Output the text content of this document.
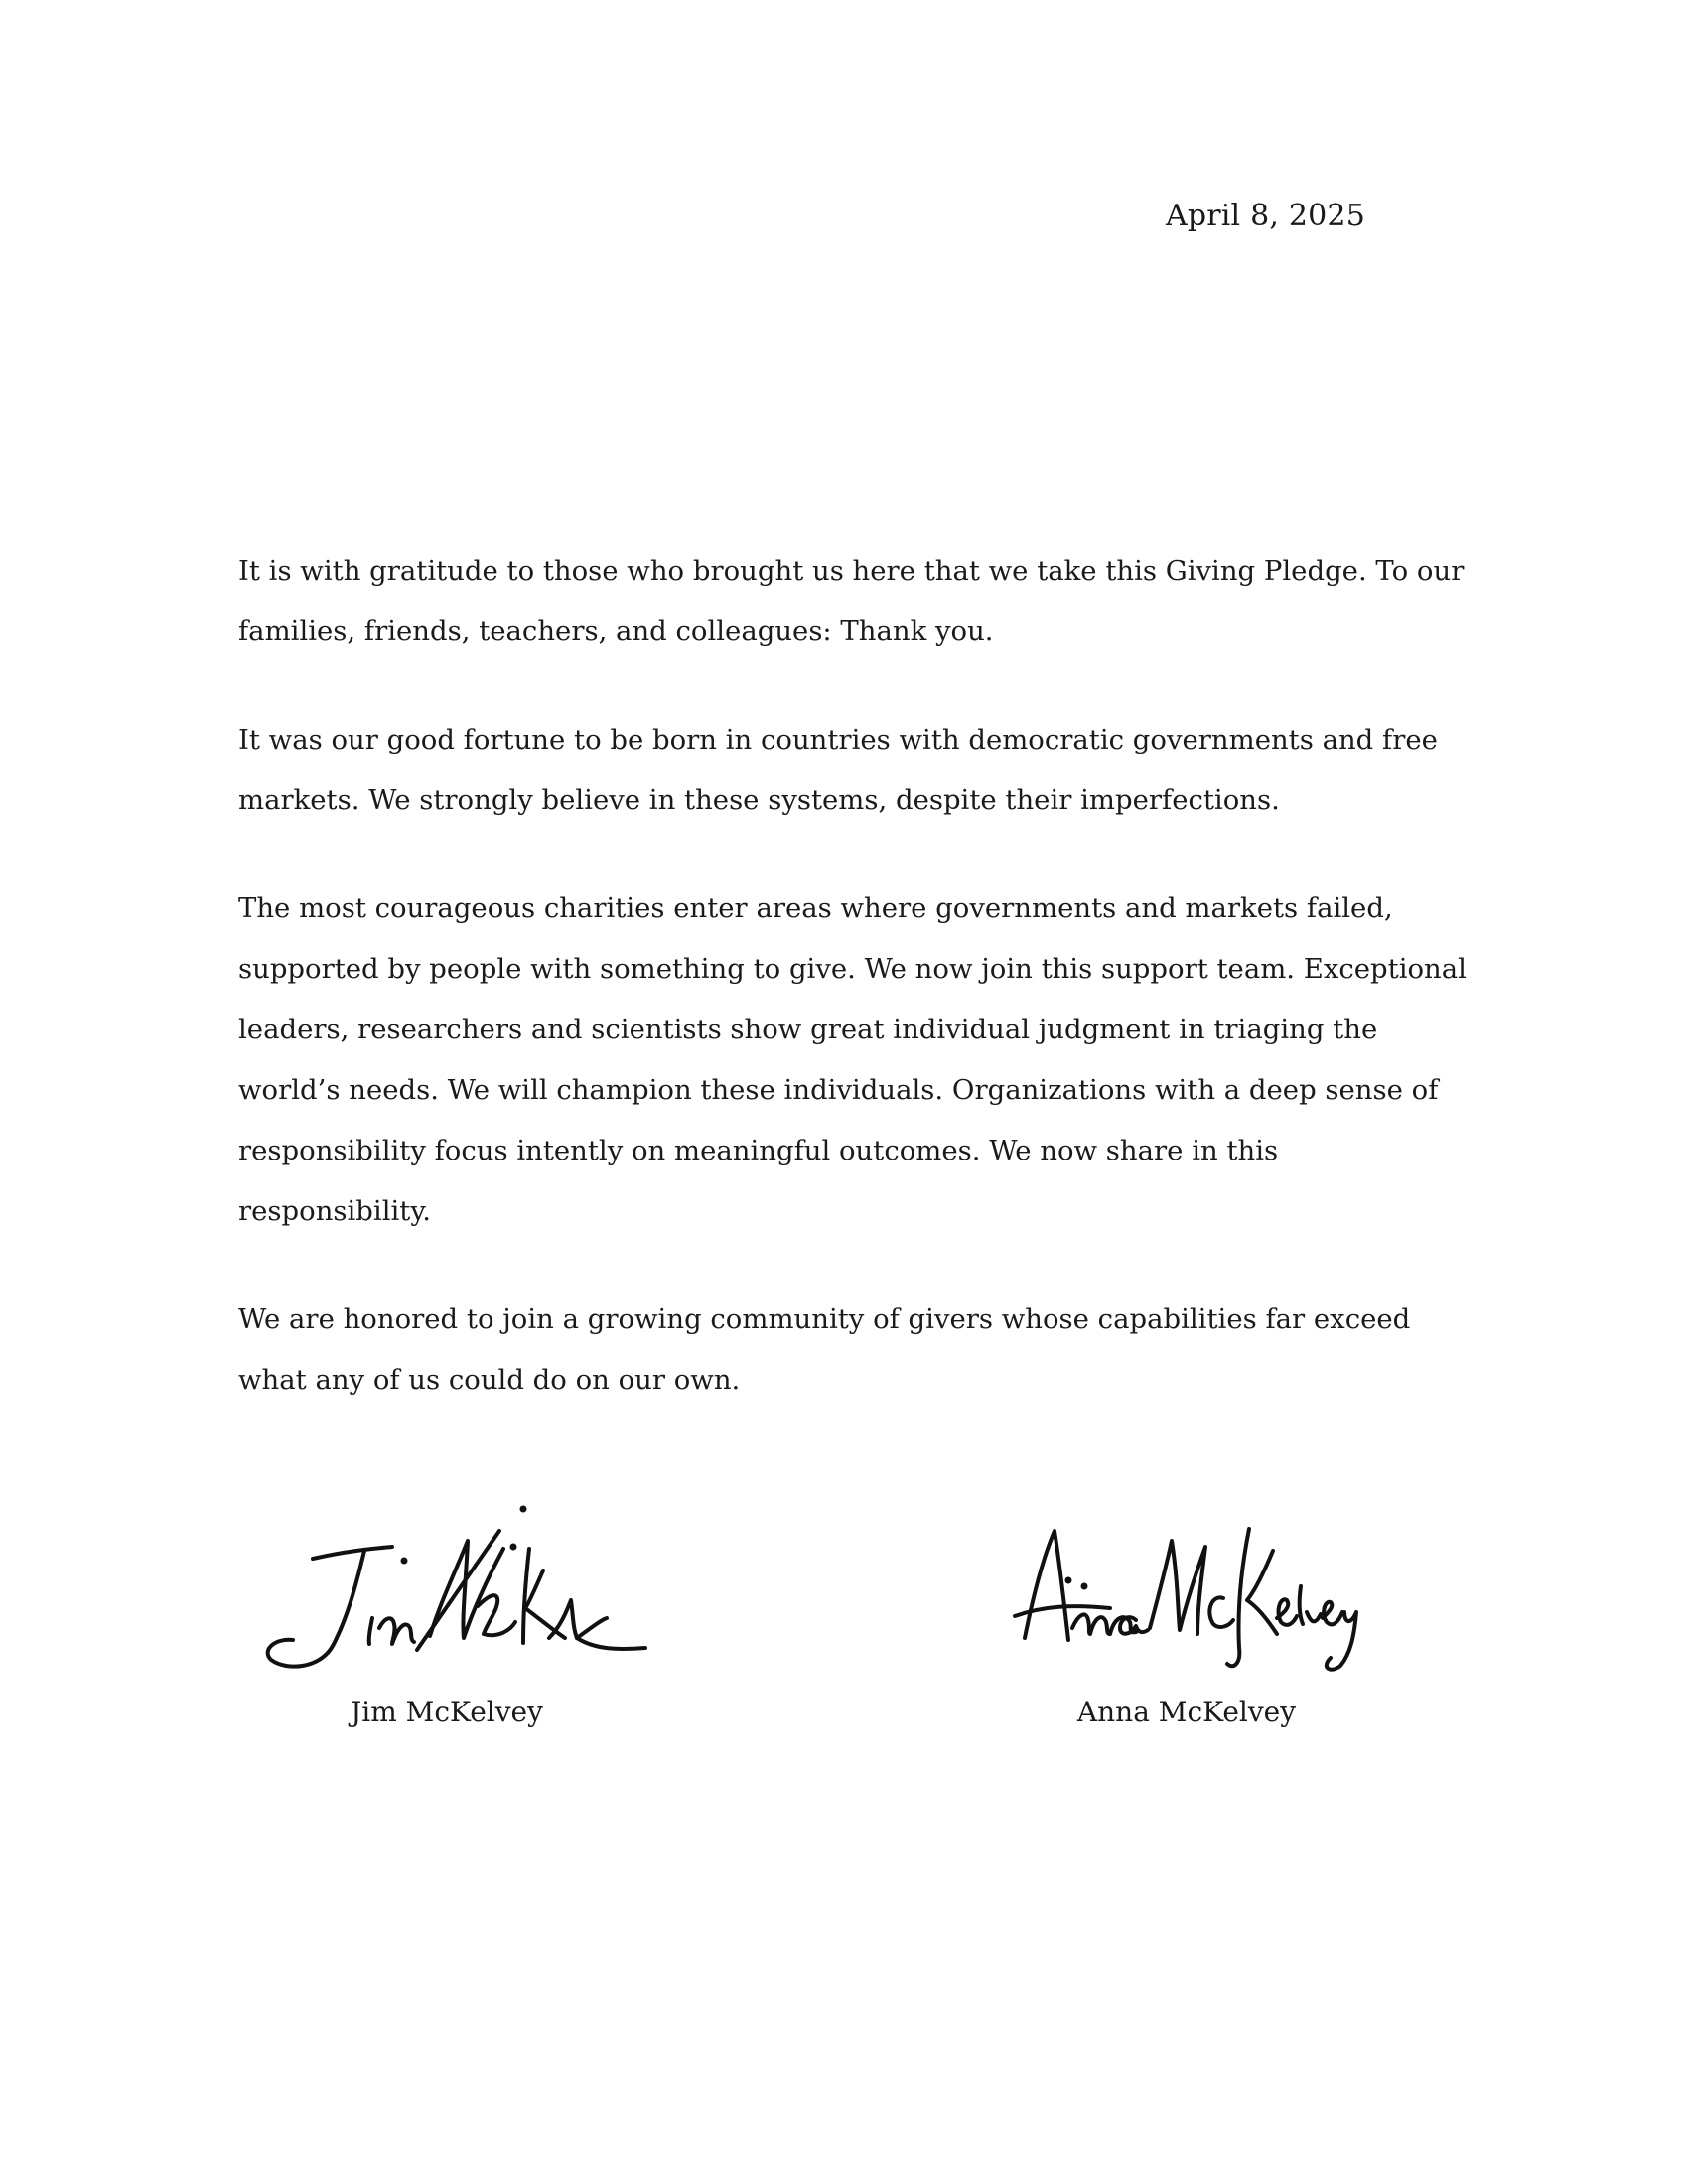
April 8, 2025

It is with gratitude to those who brought us here that we take this Giving Pledge. To our families, friends, teachers, and colleagues: Thank you.

It was our good fortune to be born in countries with democratic governments and free markets. We strongly believe in these systems, despite their imperfections.

The most courageous charities enter areas where governments and markets failed, supported by people with something to give. We now join this support team. Exceptional leaders, researchers and scientists show great individual judgment in triaging the world’s needs. We will champion these individuals. Organizations with a deep sense of responsibility focus intently on meaningful outcomes. We now share in this responsibility.

We are honored to join a growing community of givers whose capabilities far exceed what any of us could do on our own.

Jim McKelvey	Anna McKelvey
